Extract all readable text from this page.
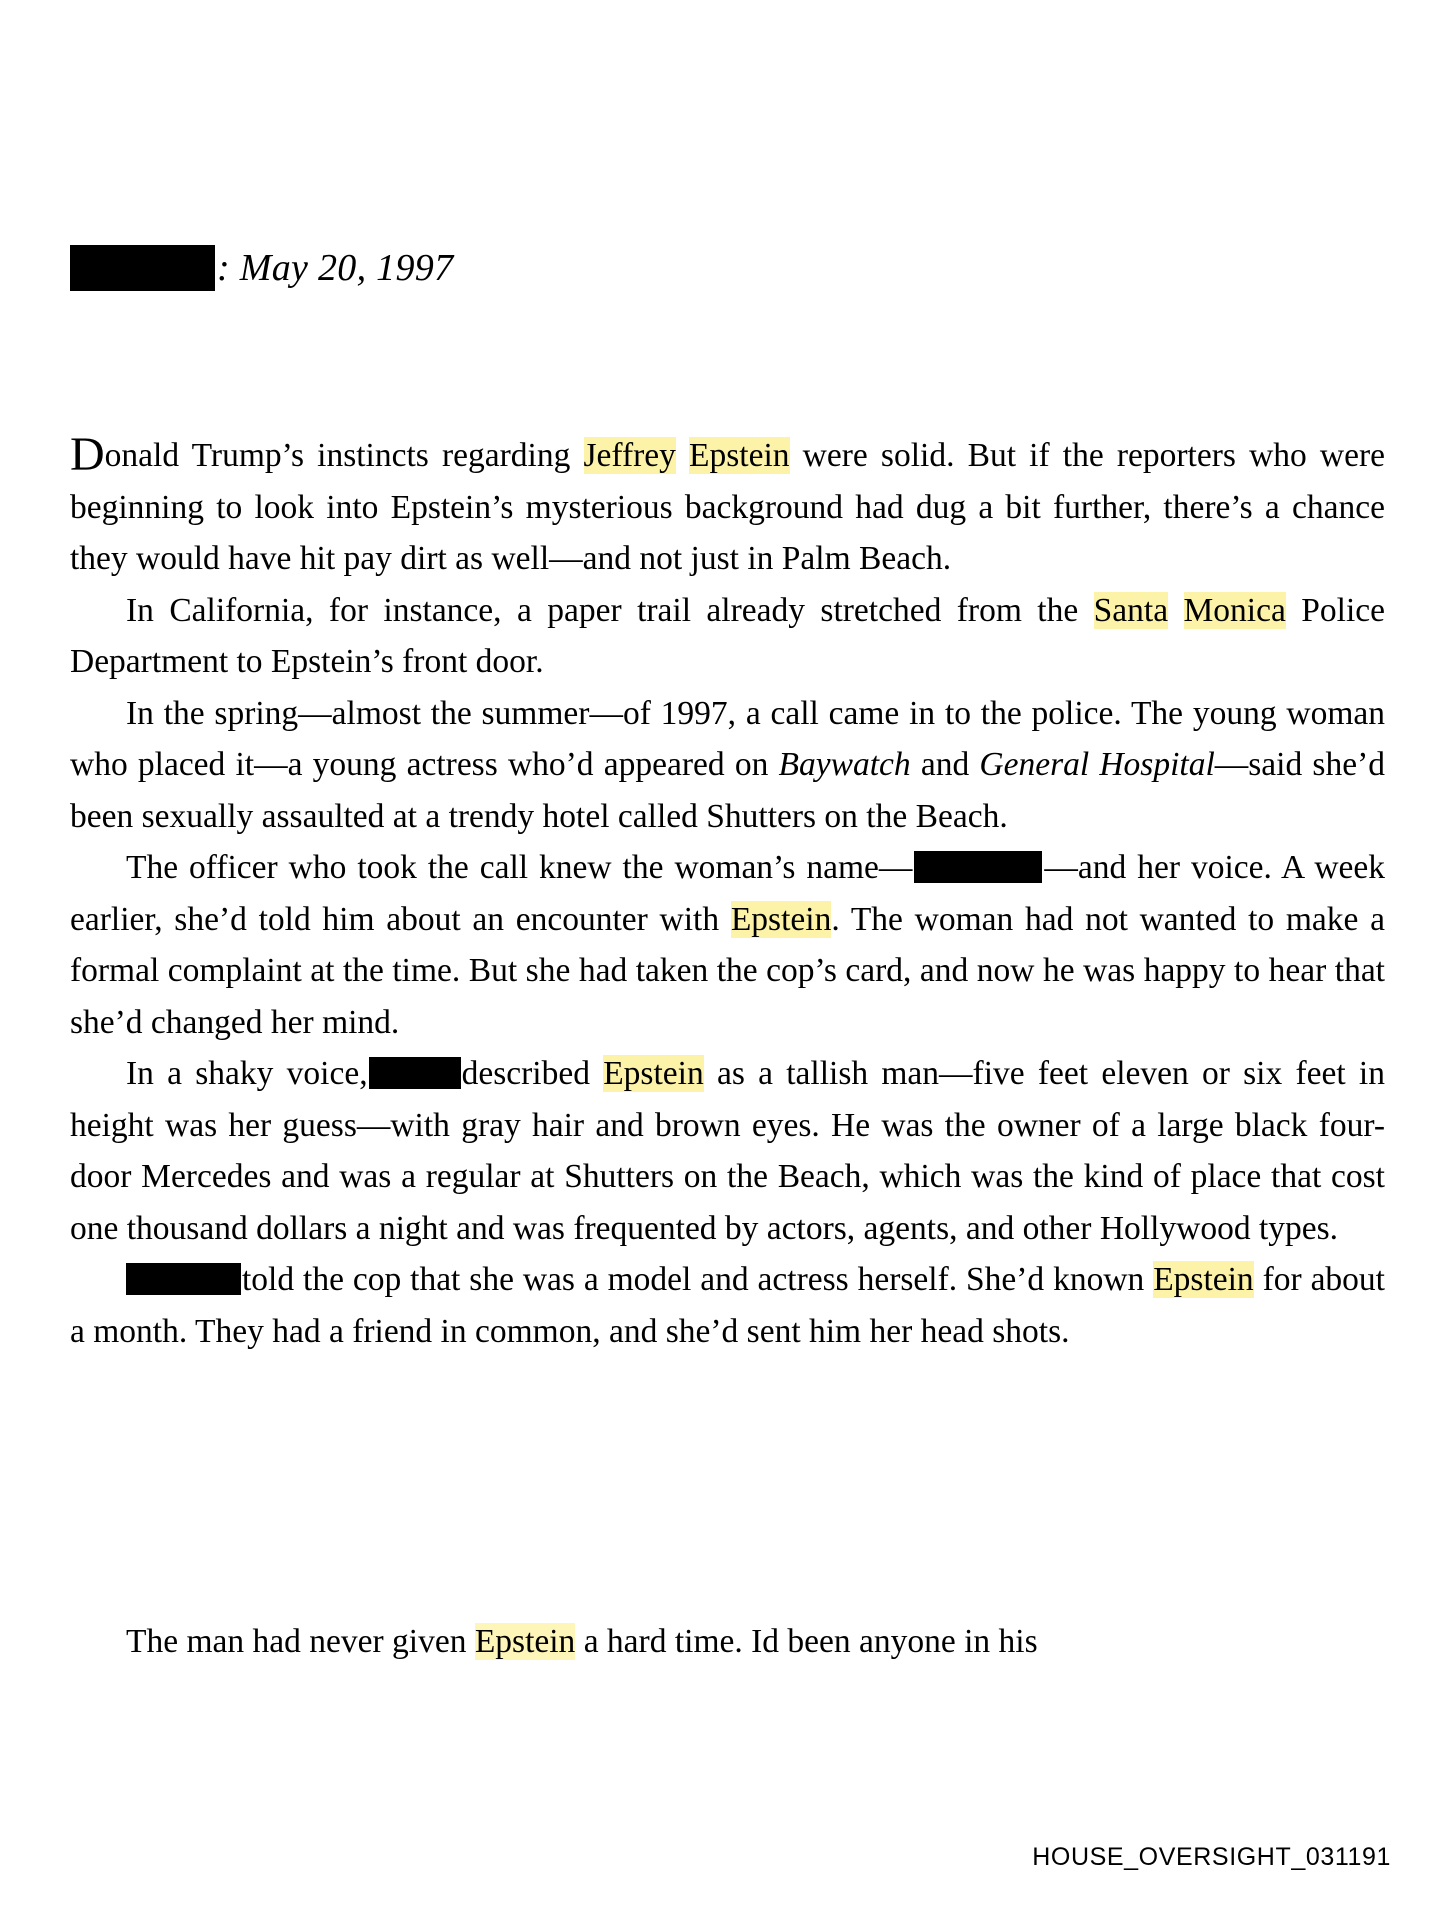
: May 20, 1997

Donald Trump’s instincts regarding Jeffrey Epstein were solid. But if the reporters who were beginning to look into Epstein’s mysterious background had dug a bit further, there’s a chance they would have hit pay dirt as well—and not just in Palm Beach.

In California, for instance, a paper trail already stretched from the Santa Monica Police Department to Epstein’s front door.

In the spring—almost the summer—of 1997, a call came in to the police. The young woman who placed it—a young actress who’d appeared on Baywatch and General Hospital—said she’d been sexually assaulted at a trendy hotel called Shutters on the Beach.

The officer who took the call knew the woman’s name—	—and her voice. A week earlier, she’d told him about an encounter with Epstein. The woman had not wanted to make a formal complaint at the time. But she had taken the cop’s card, and now he was happy to hear that she’d changed her mind.

In a shaky voice,	described Epstein as a tallish man—five feet eleven or six feet in height was her guess—with gray hair and brown eyes. He was the owner of a large black four-door Mercedes and was a regular at Shutters on the Beach, which was the kind of place that cost one thousand dollars a night and was frequented by actors, agents, and other Hollywood types.

told the cop that she was a model and actress herself. She’d known Epstein for about a month. They had a friend in common, and she’d sent him her head shots.

The man had never given Epstein a hard time. Id been anyone in his
HOUSE_OVERSIGHT_031191
